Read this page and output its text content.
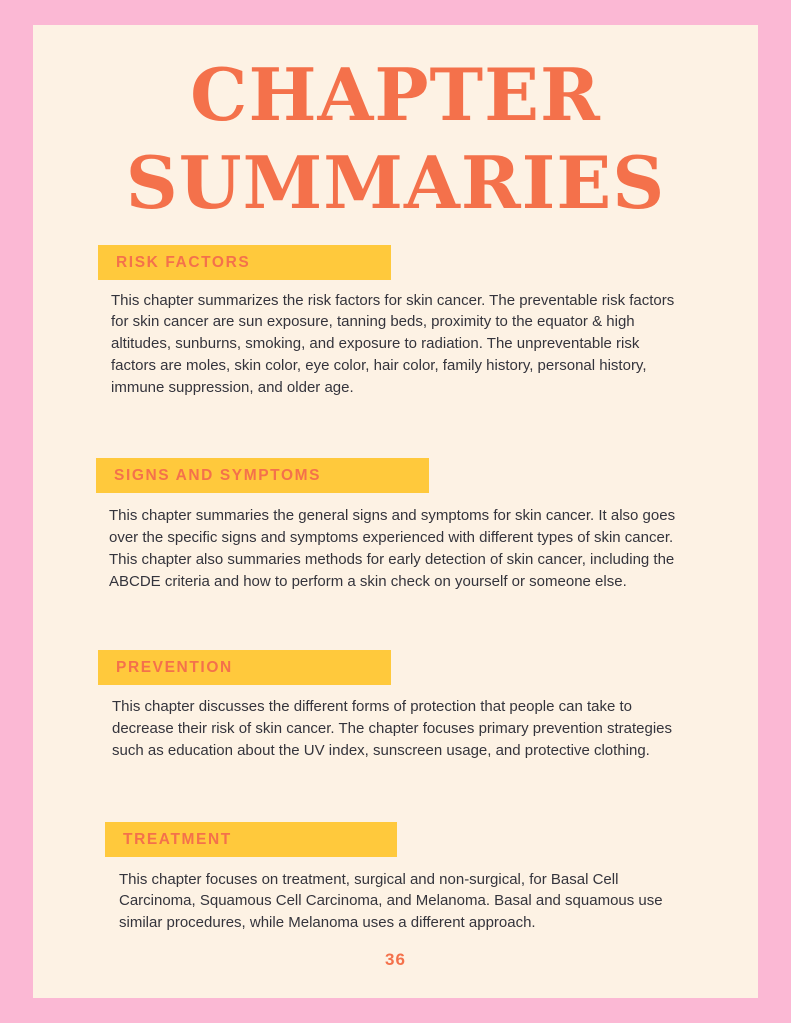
CHAPTER
SUMMARIES
RISK FACTORS
This chapter summarizes the risk factors for skin cancer. The preventable risk factors for skin cancer are sun exposure, tanning beds, proximity to the equator & high altitudes, sunburns, smoking, and exposure to radiation. The unpreventable risk factors are moles, skin color, eye color, hair color, family history, personal history, immune suppression, and older age.
SIGNS AND SYMPTOMS
This chapter summaries the general signs and symptoms for skin cancer. It also goes over the specific signs and symptoms experienced with different types of skin cancer. This chapter also summaries methods for early detection of skin cancer, including the ABCDE criteria and how to perform a skin check on yourself or someone else.
PREVENTION
This chapter discusses the different forms of protection that people can take to decrease their risk of skin cancer. The chapter focuses primary prevention strategies such as education about the UV index, sunscreen usage, and protective clothing.
TREATMENT
This chapter focuses on treatment, surgical and non-surgical, for Basal Cell Carcinoma, Squamous Cell Carcinoma, and Melanoma. Basal and squamous use similar procedures, while Melanoma uses a different approach.
36
